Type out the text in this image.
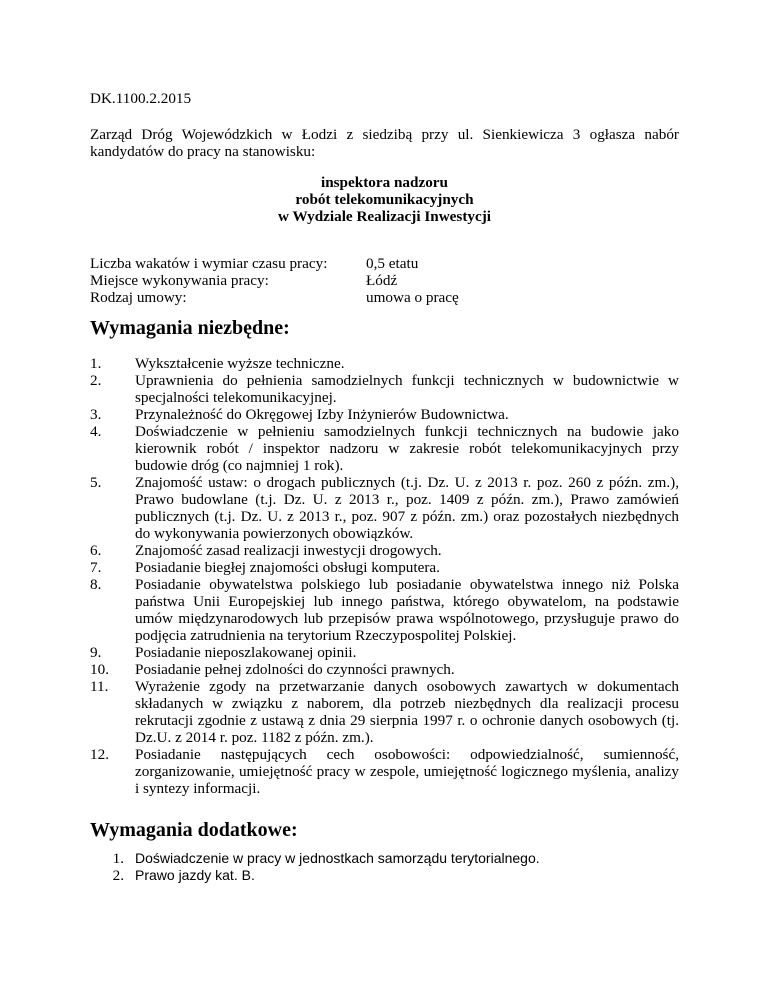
DK.1100.2.2015
Zarząd Dróg Wojewódzkich w Łodzi z siedzibą przy ul. Sienkiewicza 3 ogłasza nabór kandydatów do pracy na stanowisku:
inspektora nadzoru
robót telekomunikacyjnych
w Wydziale Realizacji Inwestycji
Liczba wakatów i wymiar czasu pracy:	0,5 etatu
Miejsce wykonywania pracy:	Łódź
Rodzaj umowy:	umowa o pracę
Wymagania niezbędne:
1.	Wykształcenie wyższe techniczne.
2.	Uprawnienia do pełnienia samodzielnych funkcji technicznych w budownictwie w specjalności telekomunikacyjnej.
3.	Przynależność do Okręgowej Izby Inżynierów Budownictwa.
4.	Doświadczenie w pełnieniu samodzielnych funkcji technicznych na budowie jako kierownik robót / inspektor nadzoru w zakresie robót telekomunikacyjnych przy budowie dróg (co najmniej 1 rok).
5.	Znajomość ustaw: o drogach publicznych (t.j. Dz. U. z 2013 r. poz. 260 z późn. zm.), Prawo budowlane (t.j. Dz. U. z 2013 r., poz. 1409 z późn. zm.), Prawo zamówień publicznych (t.j. Dz. U. z 2013 r., poz. 907 z późn. zm.) oraz pozostałych niezbędnych do wykonywania powierzonych obowiązków.
6.	Znajomość zasad realizacji inwestycji drogowych.
7.	Posiadanie biegłej znajomości obsługi komputera.
8.	Posiadanie obywatelstwa polskiego lub posiadanie obywatelstwa innego niż Polska państwa Unii Europejskiej lub innego państwa, którego obywatelom, na podstawie umów międzynarodowych lub przepisów prawa wspólnotowego, przysługuje prawo do podjęcia zatrudnienia na terytorium Rzeczypospolitej Polskiej.
9.	Posiadanie nieposzlakowanej opinii.
10.	Posiadanie pełnej zdolności do czynności prawnych.
11.	Wyrażenie zgody na przetwarzanie danych osobowych zawartych w dokumentach składanych w związku z naborem, dla potrzeb niezbędnych dla realizacji procesu rekrutacji zgodnie z ustawą z dnia 29 sierpnia 1997 r. o ochronie danych osobowych (tj. Dz.U. z 2014 r. poz. 1182 z późn. zm.).
12.	Posiadanie następujących cech osobowości: odpowiedzialność, sumienność, zorganizowanie, umiejętność pracy w zespole, umiejętność logicznego myślenia, analizy i syntezy informacji.
Wymagania dodatkowe:
1. Doświadczenie w pracy w jednostkach samorządu terytorialnego.
2. Prawo jazdy kat. B.
